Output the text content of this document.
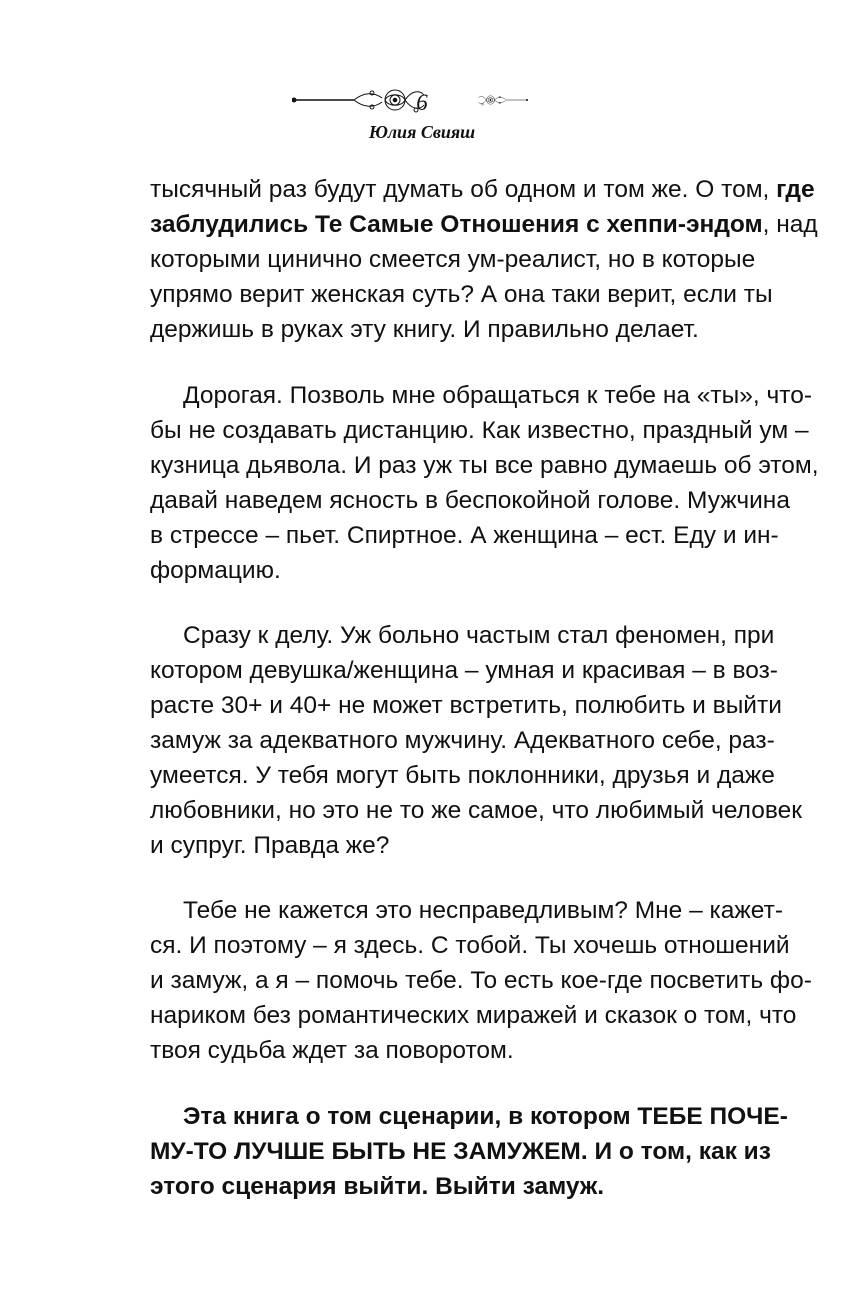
6
Юлия Свияш
тысячный раз будут думать об одном и том же. О том, где
заблудились Те Самые Отношения с хеппи-эндом, над
которыми цинично смеется ум-реалист, но в которые
упрямо верит женская суть? А она таки верит, если ты
держишь в руках эту книгу. И правильно делает.
Дорогая. Позволь мне обращаться к тебе на «ты», что-
бы не создавать дистанцию. Как известно, праздный ум –
кузница дьявола. И раз уж ты все равно думаешь об этом,
давай наведем ясность в беспокойной голове. Мужчина
в стрессе – пьет. Спиртное. А женщина – ест. Еду и ин-
формацию.
Сразу к делу. Уж больно частым стал феномен, при
котором девушка/женщина – умная и красивая – в воз-
расте 30+ и 40+ не может встретить, полюбить и выйти
замуж за адекватного мужчину. Адекватного себе, раз-
умеется. У тебя могут быть поклонники, друзья и даже
любовники, но это не то же самое, что любимый человек
и супруг. Правда же?
Тебе не кажется это несправедливым? Мне – кажет-
ся. И поэтому – я здесь. С тобой. Ты хочешь отношений
и замуж, а я – помочь тебе. То есть кое-где посветить фо-
нариком без романтических миражей и сказок о том, что
твоя судьба ждет за поворотом.
Эта книга о том сценарии, в котором ТЕБЕ ПОЧЕ-
МУ-ТО ЛУЧШЕ БЫТЬ НЕ ЗАМУЖЕМ. И о том, как из
этого сценария выйти. Выйти замуж.
